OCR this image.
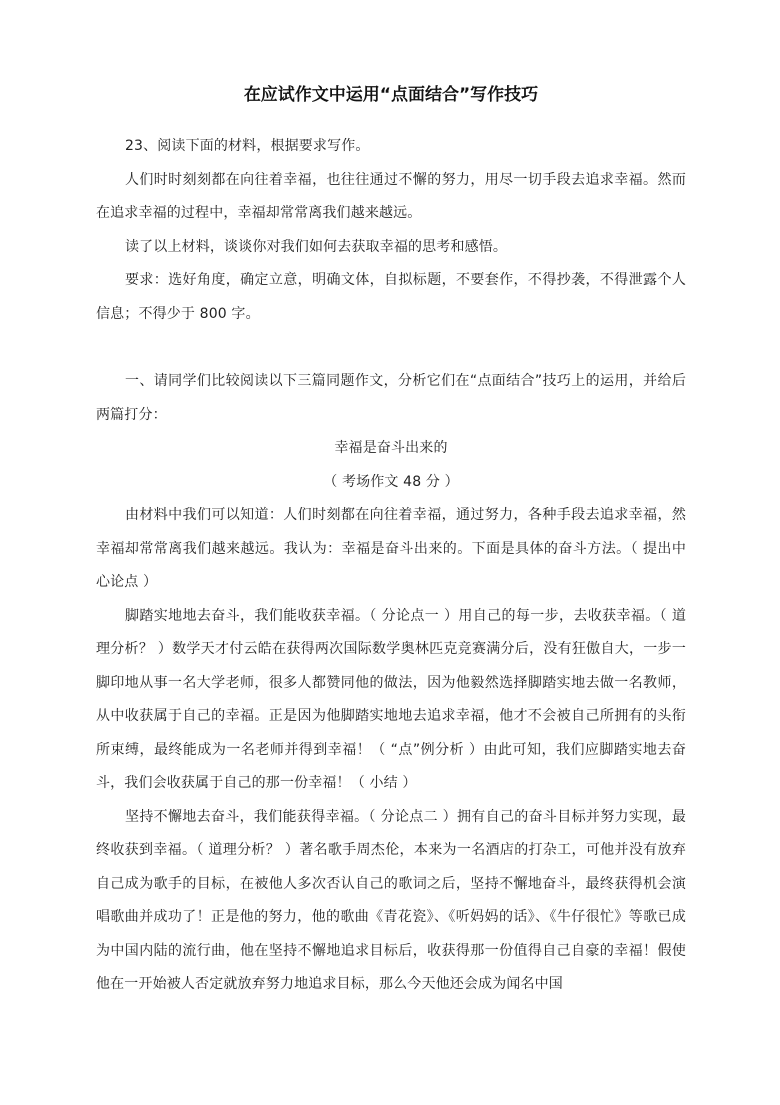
在应试作文中运用“点面结合”写作技巧

23、阅读下面的材料，根据要求写作。

人们时时刻刻都在向往着幸福，也往往通过不懈的努力，用尽一切手段去追求幸福。然而在追求幸福的过程中，幸福却常常离我们越来越远。

读了以上材料，谈谈你对我们如何去获取幸福的思考和感悟。

要求：选好角度，确定立意，明确文体，自拟标题，不要套作，不得抄袭，不得泄露个人信息；不得少于 800 字。

一、请同学们比较阅读以下三篇同题作文，分析它们在“点面结合”技巧上的运用，并给后两篇打分：

幸福是奋斗出来的

（ 考场作文 48 分 ）

由材料中我们可以知道：人们时刻都在向往着幸福，通过努力，各种手段去追求幸福，然幸福却常常离我们越来越远。我认为：幸福是奋斗出来的。下面是具体的奋斗方法。（ 提出中心论点 ）

脚踏实地地去奋斗，我们能收获幸福。（ 分论点一 ）用自己的每一步，去收获幸福。（ 道理分析？ ）数学天才付云皓在获得两次国际数学奥林匹克竞赛满分后，没有狂傲自大，一步一脚印地从事一名大学老师，很多人都赞同他的做法，因为他毅然选择脚踏实地去做一名教师，从中收获属于自己的幸福。正是因为他脚踏实地地去追求幸福，他才不会被自己所拥有的头衔所束缚，最终能成为一名老师并得到幸福！（ “点”例分析 ）由此可知，我们应脚踏实地去奋斗，我们会收获属于自己的那一份幸福！（ 小结 ）

坚持不懈地去奋斗，我们能获得幸福。（ 分论点二 ）拥有自己的奋斗目标并努力实现，最终收获到幸福。（ 道理分析？ ）著名歌手周杰伦，本来为一名酒店的打杂工，可他并没有放弃自己成为歌手的目标，在被他人多次否认自己的歌词之后，坚持不懈地奋斗，最终获得机会演唱歌曲并成功了！正是他的努力，他的歌曲《青花瓷》、《听妈妈的话》、《牛仔很忙》等歌已成为中国内陆的流行曲，他在坚持不懈地追求目标后，收获得那一份值得自己自豪的幸福！假使他在一开始被人否定就放弃努力地追求目标，那么今天他还会成为闻名中国
